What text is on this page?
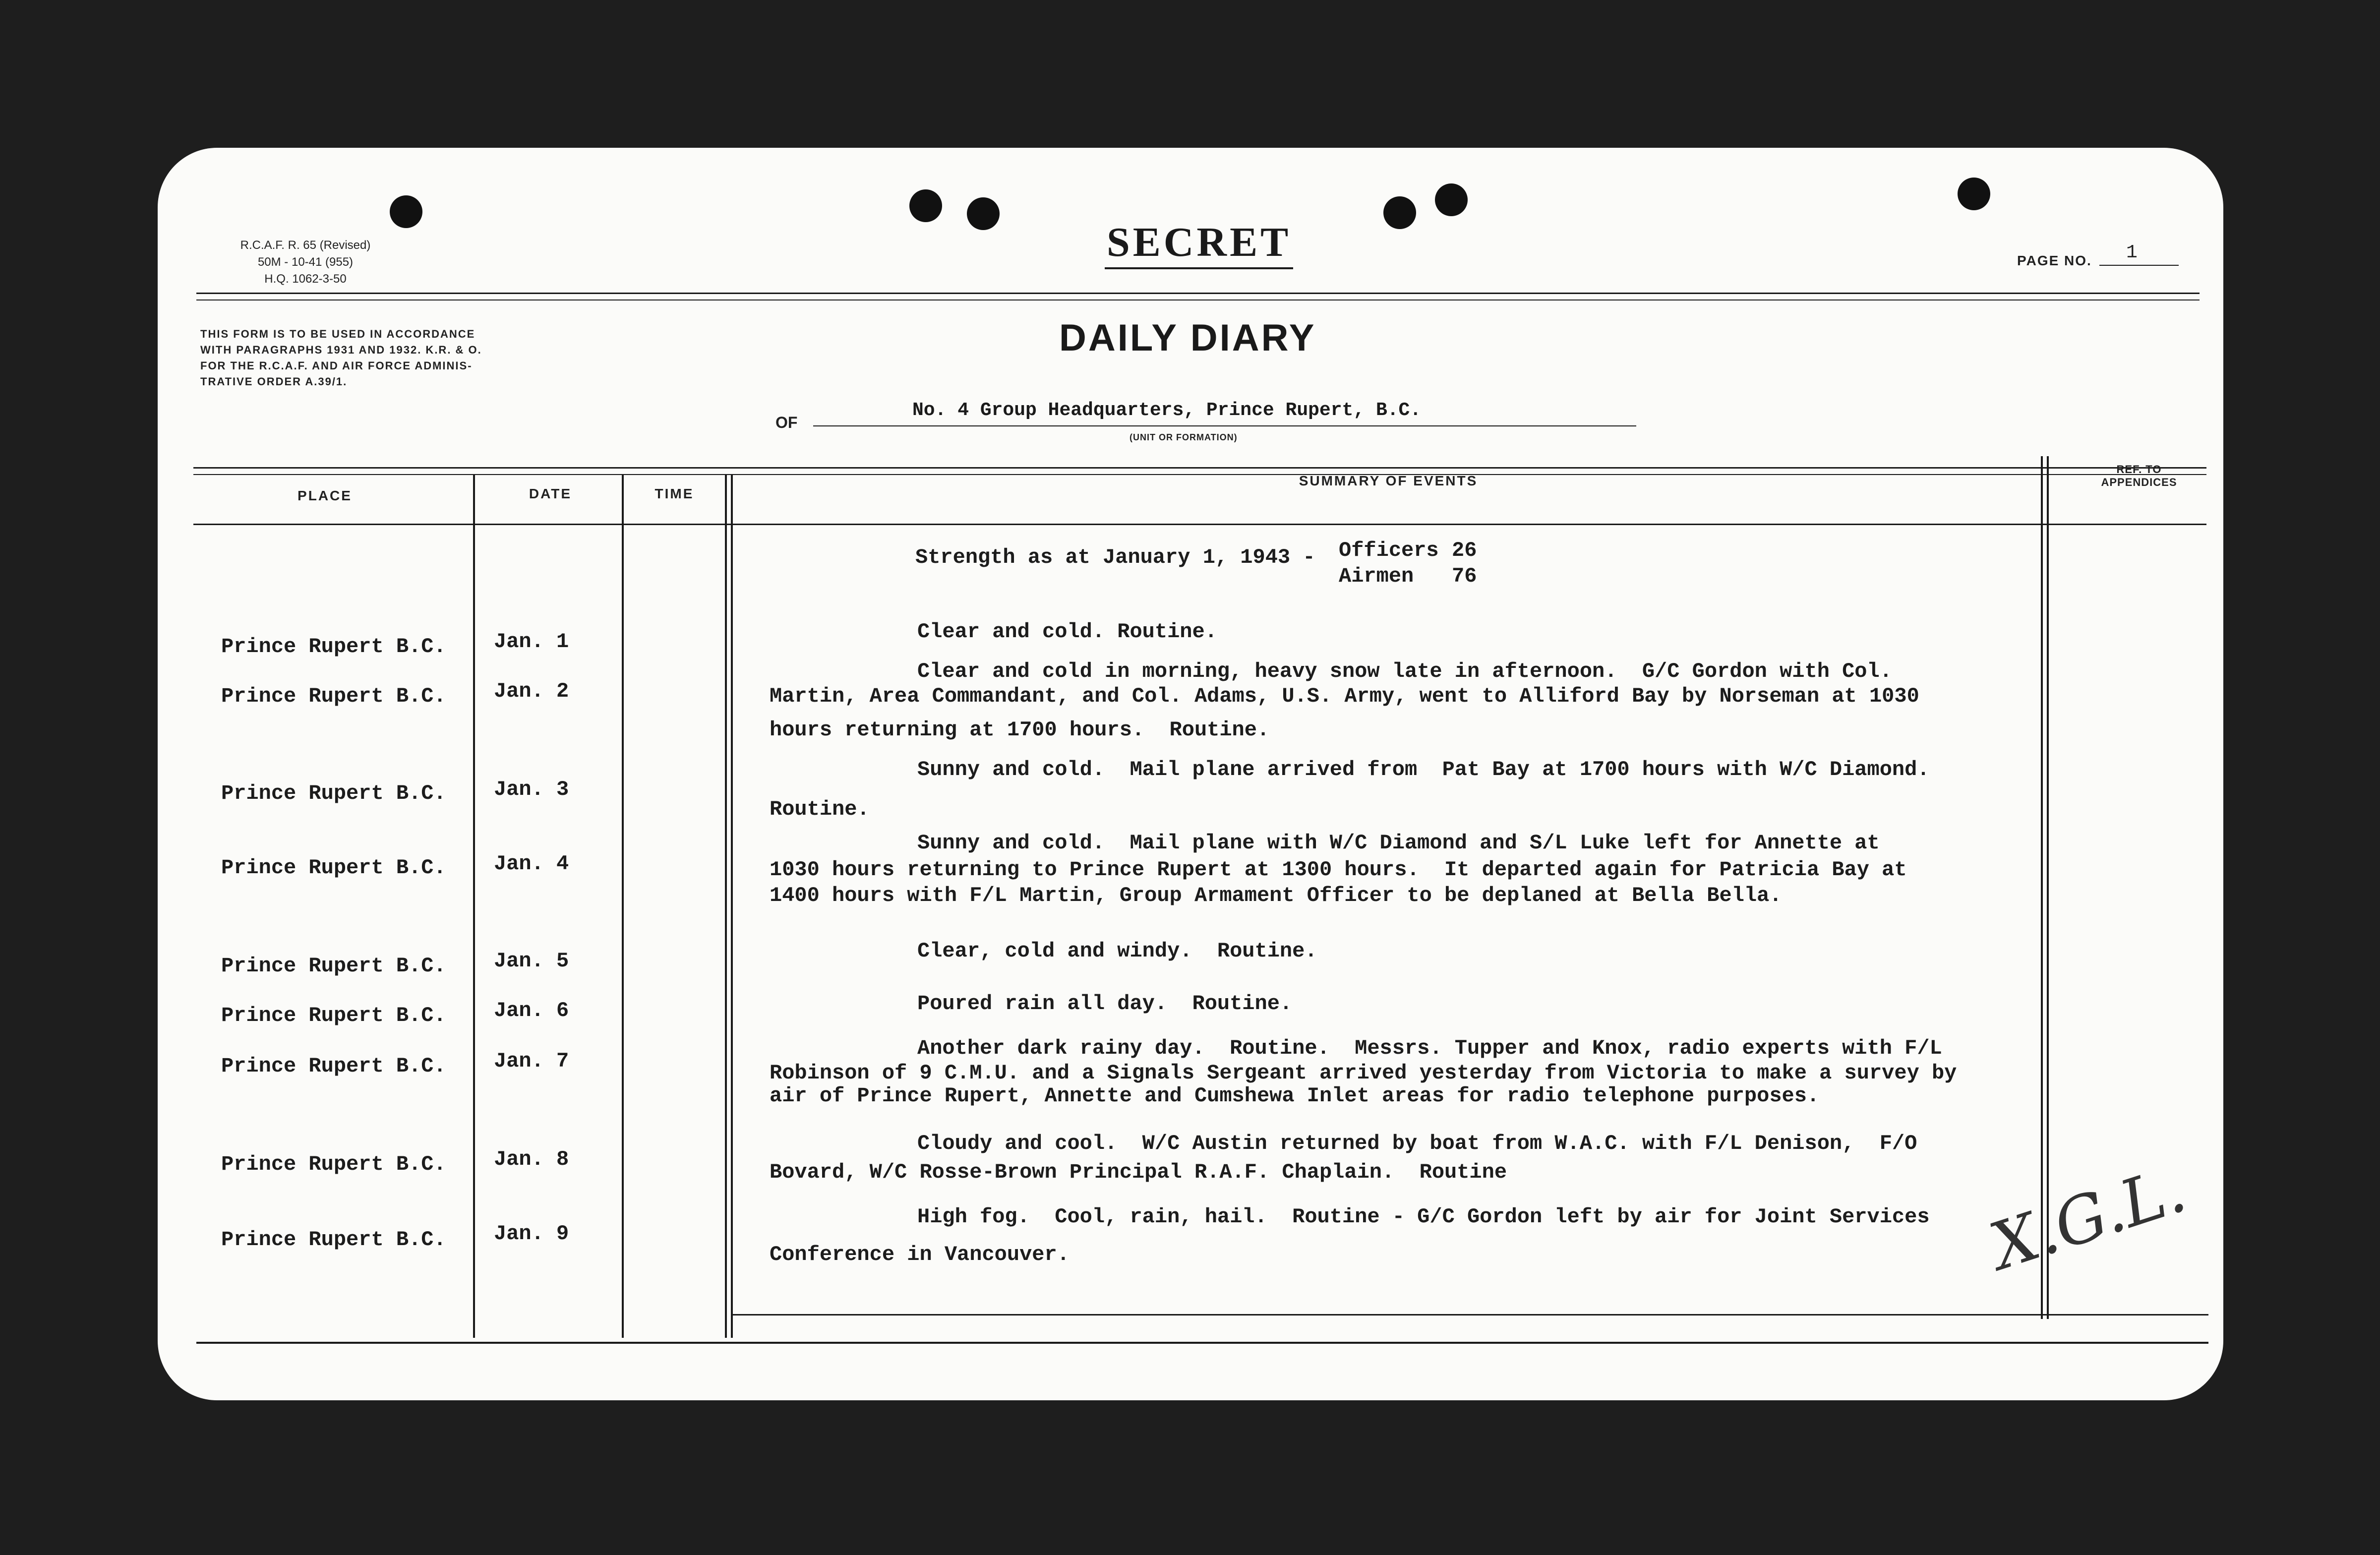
R.C.A.F. R. 65 (Revised)
50M - 10-41 (955)
H.Q. 1062-3-50
SECRET	PAGE NO. 1
THIS FORM IS TO BE USED IN ACCORDANCE
WITH PARAGRAPHS 1931 AND 1932. K.R. & O.
FOR THE R.C.A.F. AND AIR FORCE ADMINIS-
TRATIVE ORDER A.39/1.
DAILY DIARY
OF
No. 4 Group Headquarters, Prince Rupert, B.C.
(UNIT OR FORMATION)
PLACE	DATE	TIME
SUMMARY OF EVENTS
REF. TO
APPENDICES
Strength as at January 1, 1943 - Officers 26
Airmen 76
Prince Rupert B.C. Jan. 1	Clear and cold. Routine.
Prince Rupert B.C. Jan. 2
Clear and cold in morning, heavy snow late in afternoon.  G/C Gordon with Col.
Martin, Area Commandant, and Col. Adams, U.S. Army, went to Alliford Bay by Norseman at 1030
hours returning at 1700 hours.  Routine.
Prince Rupert B.C. Jan. 3
Sunny and cold.  Mail plane arrived from  Pat Bay at 1700 hours with W/C Diamond.
Routine.
Prince Rupert B.C. Jan. 4
Sunny and cold.  Mail plane with W/C Diamond and S/L Luke left for Annette at
1030 hours returning to Prince Rupert at 1300 hours.  It departed again for Patricia Bay at
1400 hours with F/L Martin, Group Armament Officer to be deplaned at Bella Bella.
Prince Rupert B.C. Jan. 5	Clear, cold and windy.  Routine.
Prince Rupert B.C. Jan. 6	Poured rain all day.  Routine.
Prince Rupert B.C. Jan. 7
Another dark rainy day.  Routine.  Messrs. Tupper and Knox, radio experts with F/L
Robinson of 9 C.M.U. and a Signals Sergeant arrived yesterday from Victoria to make a survey by
air of Prince Rupert, Annette and Cumshewa Inlet areas for radio telephone purposes.
Prince Rupert B.C. Jan. 8
Cloudy and cool.  W/C Austin returned by boat from W.A.C. with F/L Denison,  F/O
Bovard, W/C Rosse-Brown Principal R.A.F. Chaplain.  Routine
Prince Rupert B.C. Jan. 9
High fog.  Cool, rain, hail.  Routine - G/C Gordon left by air for Joint Services
Conference in Vancouver.	X.G.L.
